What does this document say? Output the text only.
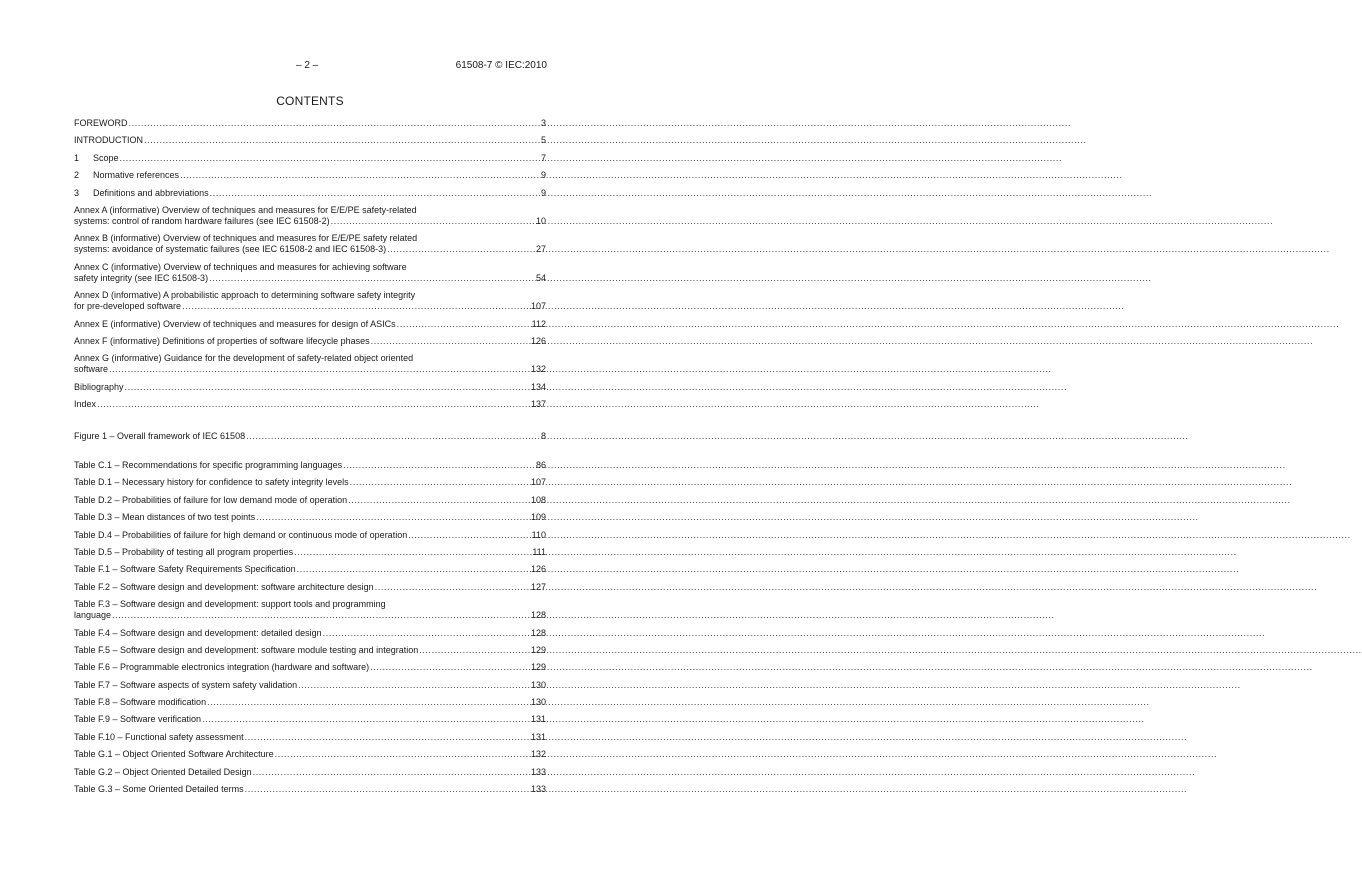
– 2 –	61508-7 © IEC:2010
CONTENTS
FOREWORD .....	3
INTRODUCTION .....	5
1	Scope .....	7
2	Normative references .....	9
3	Definitions and abbreviations .....	9
Annex A (informative) Overview of techniques and measures for E/E/PE safety-related
systems: control of random hardware failures (see IEC 61508-2) .....	10
Annex B (informative) Overview of techniques and measures for E/E/PE safety related
systems: avoidance of systematic failures (see IEC 61508-2 and IEC 61508-3) .....	27
Annex C (informative) Overview of techniques and measures for achieving software
safety integrity (see IEC 61508-3) .....	54
Annex D (informative) A probabilistic approach to determining software safety integrity
for pre-developed software .....	107
Annex E (informative) Overview of techniques and measures for design of ASICs .....	112
Annex F (informative) Definitions of properties of software lifecycle phases .....	126
Annex G (informative) Guidance for the development of safety-related object oriented
software .....	132
Bibliography .....	134
Index .....	137
Figure 1 – Overall framework of IEC 61508 .....	8
Table C.1 – Recommendations for specific programming languages .....	86
Table D.1 – Necessary history for confidence to safety integrity levels .....	107
Table D.2 – Probabilities of failure for low demand mode of operation .....	108
Table D.3 – Mean distances of two test points .....	109
Table D.4 – Probabilities of failure for high demand or continuous mode of operation .....	110
Table D.5 – Probability of testing all program properties .....	111
Table F.1 – Software Safety Requirements Specification .....	126
Table F.2 – Software design and development: software architecture design .....	127
Table F.3 – Software design and development: support tools and programming
language .....	128
Table F.4 – Software design and development: detailed design .....	128
Table F.5 – Software design and development: software module testing and integration .....	129
Table F.6 – Programmable electronics integration (hardware and software) .....	129
Table F.7 – Software aspects of system safety validation .....	130
Table F.8 – Software modification .....	130
Table F.9 – Software verification .....	131
Table F.10 – Functional safety assessment .....	131
Table G.1 – Object Oriented Software Architecture .....	132
Table G.2 – Object Oriented Detailed Design .....	133
Table G.3 – Some Oriented Detailed terms .....	133
